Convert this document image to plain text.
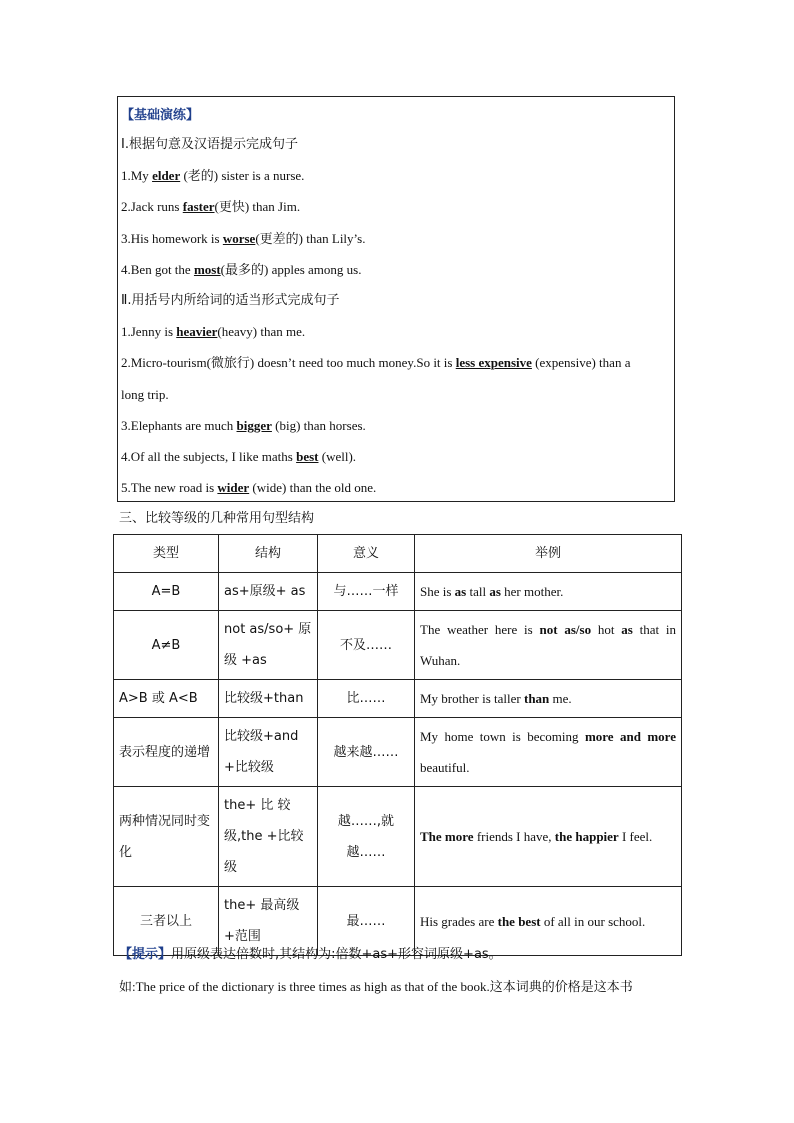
【基础演练】
Ⅰ.根据句意及汉语提示完成句子
1.My elder (老的) sister is a nurse.
2.Jack runs faster(更快) than Jim.
3.His homework is worse(更差的) than Lily’s.
4.Ben got the most(最多的) apples among us.
Ⅱ.用括号内所给词的适当形式完成句子
1.Jenny is heavier(heavy) than me.
2.Micro-tourism(微旅行) doesn’t need too much money.So it is less expensive (expensive) than a
long trip.
3.Elephants are much bigger (big) than horses.
4.Of all the subjects, I like maths best (well).
5.The new road is wider (wide) than the old one.
三、比较等级的几种常用句型结构
类型	结构	意义	举例
A=B	as+原级+ as	与……一样	She is as tall as her mother.
A≠B	not as/so+ 原级 +as	不及……	The weather here is not as/so hot as that in Wuhan.
A>B 或 A<B	比较级+than	比……	My brother is taller than me.
表示程度的递增	比较级+and +比较级	越来越……	My home town is becoming more and more beautiful.
两种情况同时变化	the+ 比 较级,the +比较级	越……,就越……	The more friends I have, the happier I feel.
三者以上	the+ 最高级+范围	最……	His grades are the best of all in our school.
【提示】用原级表达倍数时,其结构为:倍数+as+形容词原级+as。
如:The price of the dictionary is three times as high as that of the book.这本词典的价格是这本书
